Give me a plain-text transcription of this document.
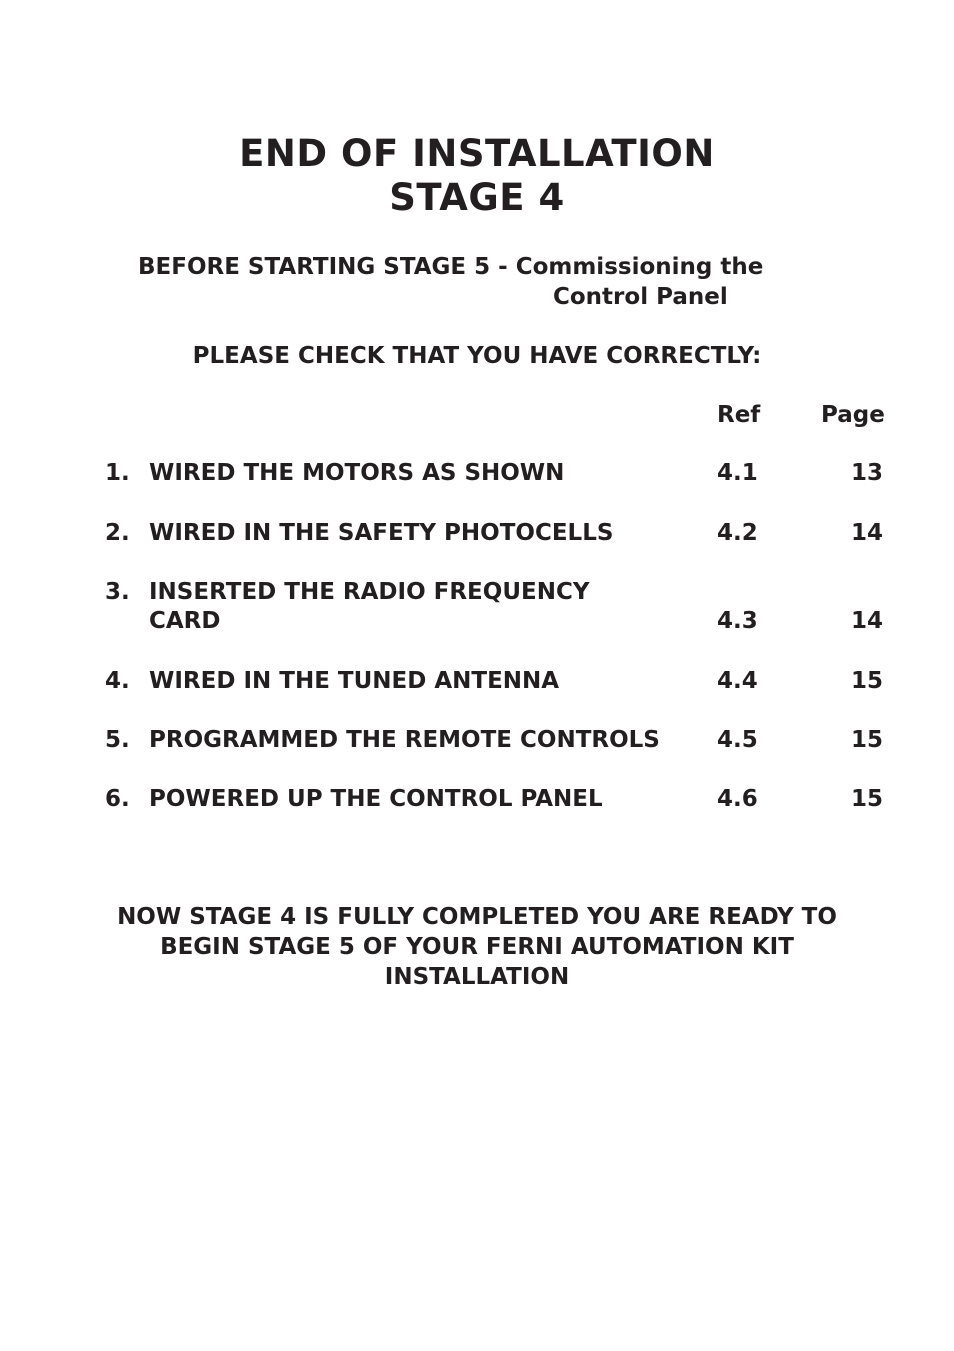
END OF INSTALLATION
STAGE 4
BEFORE STARTING STAGE 5 - Commissioning the
Control Panel
PLEASE CHECK THAT YOU HAVE CORRECTLY:
Ref	Page
1. WIRED THE MOTORS AS SHOWN	4.1	13
2. WIRED IN THE SAFETY PHOTOCELLS	4.2	14
3. INSERTED THE RADIO FREQUENCY
CARD	4.3	14
4. WIRED IN THE TUNED ANTENNA	4.4	15
5. PROGRAMMED THE REMOTE CONTROLS	4.5	15
6. POWERED UP THE CONTROL PANEL	4.6	15
NOW STAGE 4 IS FULLY COMPLETED YOU ARE READY TO
BEGIN STAGE 5 OF YOUR FERNI AUTOMATION KIT
INSTALLATION
